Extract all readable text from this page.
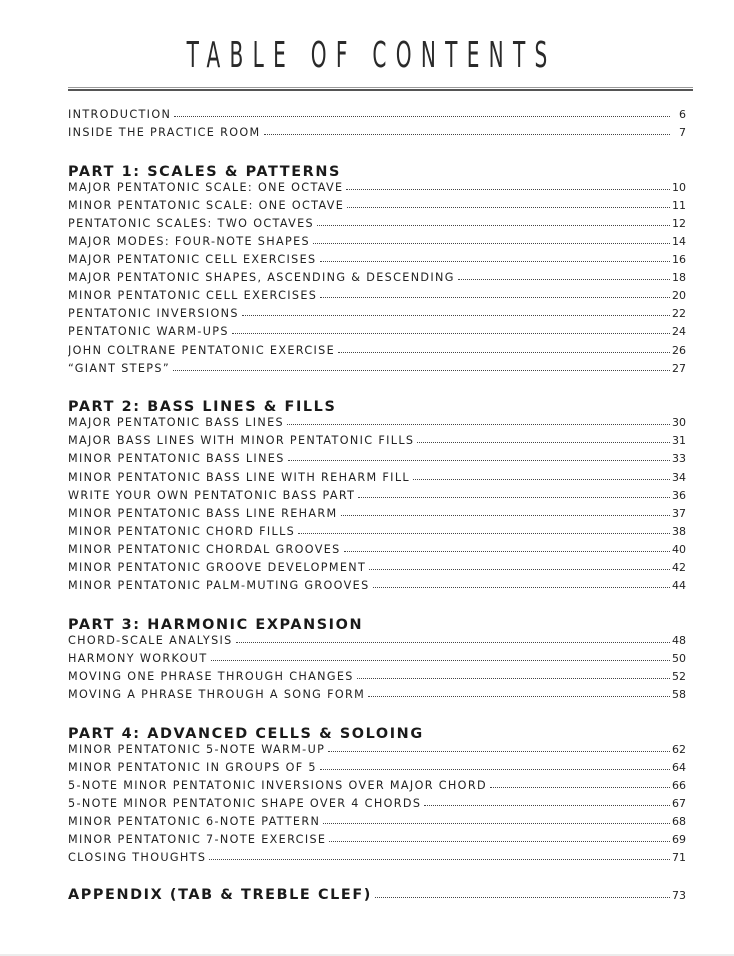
TABLE OF CONTENTS
INTRODUCTION	6
INSIDE THE PRACTICE ROOM	7
PART 1: SCALES & PATTERNS
MAJOR PENTATONIC SCALE: ONE OCTAVE	10
MINOR PENTATONIC SCALE: ONE OCTAVE	11
PENTATONIC SCALES: TWO OCTAVES	12
MAJOR MODES: FOUR-NOTE SHAPES	14
MAJOR PENTATONIC CELL EXERCISES	16
MAJOR PENTATONIC SHAPES, ASCENDING & DESCENDING	18
MINOR PENTATONIC CELL EXERCISES	20
PENTATONIC INVERSIONS	22
PENTATONIC WARM-UPS	24
JOHN COLTRANE PENTATONIC EXERCISE	26
“GIANT STEPS”	27
PART 2: BASS LINES & FILLS
MAJOR PENTATONIC BASS LINES	30
MAJOR BASS LINES WITH MINOR PENTATONIC FILLS	31
MINOR PENTATONIC BASS LINES	33
MINOR PENTATONIC BASS LINE WITH REHARM FILL	34
WRITE YOUR OWN PENTATONIC BASS PART	36
MINOR PENTATONIC BASS LINE REHARM	37
MINOR PENTATONIC CHORD FILLS	38
MINOR PENTATONIC CHORDAL GROOVES	40
MINOR PENTATONIC GROOVE DEVELOPMENT	42
MINOR PENTATONIC PALM-MUTING GROOVES	44
PART 3: HARMONIC EXPANSION
CHORD-SCALE ANALYSIS	48
HARMONY WORKOUT	50
MOVING ONE PHRASE THROUGH CHANGES	52
MOVING A PHRASE THROUGH A SONG FORM	58
PART 4: ADVANCED CELLS & SOLOING
MINOR PENTATONIC 5-NOTE WARM-UP	62
MINOR PENTATONIC IN GROUPS OF 5	64
5-NOTE MINOR PENTATONIC INVERSIONS OVER MAJOR CHORD	66
5-NOTE MINOR PENTATONIC SHAPE OVER 4 CHORDS	67
MINOR PENTATONIC 6-NOTE PATTERN	68
MINOR PENTATONIC 7-NOTE EXERCISE	69
CLOSING THOUGHTS	71
APPENDIX (TAB & TREBLE CLEF)	73
